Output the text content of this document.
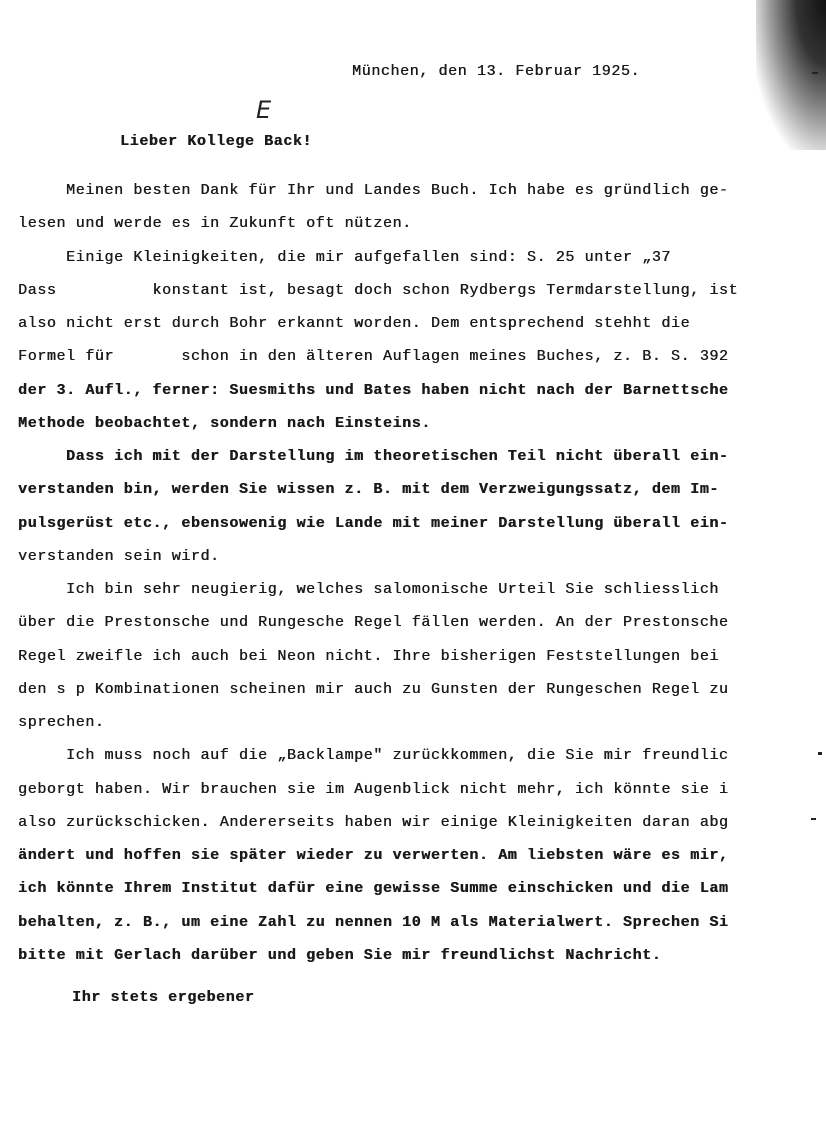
München, den 13. Februar 1925.
E
Lieber Kollege Back!
Meinen besten Dank für Ihr und Landes Buch. Ich habe es gründlich ge-
lesen und werde es in Zukunft oft nützen.
Einige Kleinigkeiten, die mir aufgefallen sind: S. 25 unter „37
Dass          konstant ist, besagt doch schon Rydbergs Termdarstellung, ist
also nicht erst durch Bohr erkannt worden. Dem entsprechend stehht die
Formel für       schon in den älteren Auflagen meines Buches, z. B. S. 392
der 3. Aufl., ferner: Suesmiths und Bates haben nicht nach der Barnettsche
Methode beobachtet, sondern nach Einsteins.
Dass ich mit der Darstellung im theoretischen Teil nicht überall ein-
verstanden bin, werden Sie wissen z. B. mit dem Verzweigungssatz, dem Im-
pulsgerüst etc., ebensowenig wie Lande mit meiner Darstellung überall ein-
verstanden sein wird.
Ich bin sehr neugierig, welches salomonische Urteil Sie schliesslich
über die Prestonsche und Rungesche Regel fällen werden. An der Prestonsche
Regel zweifle ich auch bei Neon nicht. Ihre bisherigen Feststellungen bei
den s p Kombinationen scheinen mir auch zu Gunsten der Rungeschen Regel zu
sprechen.
Ich muss noch auf die „Backlampe" zurückkommen, die Sie mir freundlic
geborgt haben. Wir brauchen sie im Augenblick nicht mehr, ich könnte sie i
also zurückschicken. Andererseits haben wir einige Kleinigkeiten daran abg
ändert und hoffen sie später wieder zu verwerten. Am liebsten wäre es mir,
ich könnte Ihrem Institut dafür eine gewisse Summe einschicken und die Lam
behalten, z. B., um eine Zahl zu nennen 10 M als Materialwert. Sprechen Si
bitte mit Gerlach darüber und geben Sie mir freundlichst Nachricht.
Ihr stets ergebener
